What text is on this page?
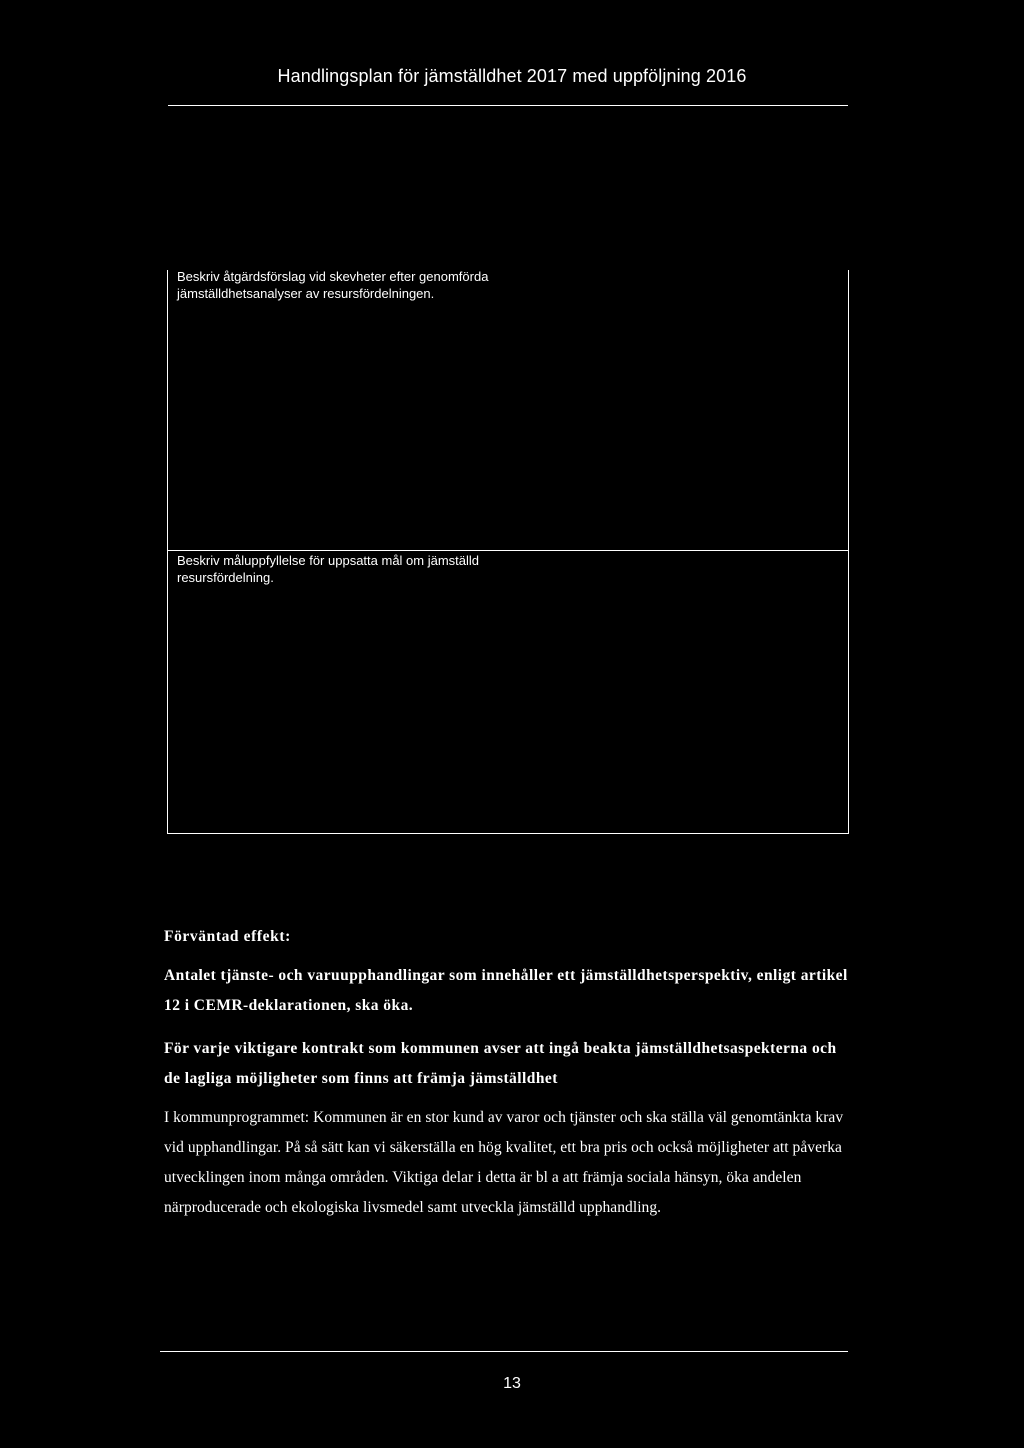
Handlingsplan för jämställdhet 2017 med uppföljning 2016
Beskriv åtgärdsförslag vid skevheter efter genomförda jämställdhetsanalyser av resursfördelningen.
Beskriv måluppfyllelse för uppsatta mål om jämställd resursfördelning.
Förväntad effekt:

Antalet tjänste- och varuupphandlingar som innehåller ett jämställdhetsperspektiv, enligt artikel 12 i CEMR-deklarationen, ska öka.

För varje viktigare kontrakt som kommunen avser att ingå beakta jämställdhetsaspekterna och de lagliga möjligheter som finns att främja jämställdhet

I kommunprogrammet: Kommunen är en stor kund av varor och tjänster och ska ställa väl genomtänkta krav vid upphandlingar. På så sätt kan vi säkerställa en hög kvalitet, ett bra pris och också möjligheter att påverka utvecklingen inom många områden. Viktiga delar i detta är bl a att främja sociala hänsyn, öka andelen närproducerade och ekologiska livsmedel samt utveckla jämställd upphandling.

13
